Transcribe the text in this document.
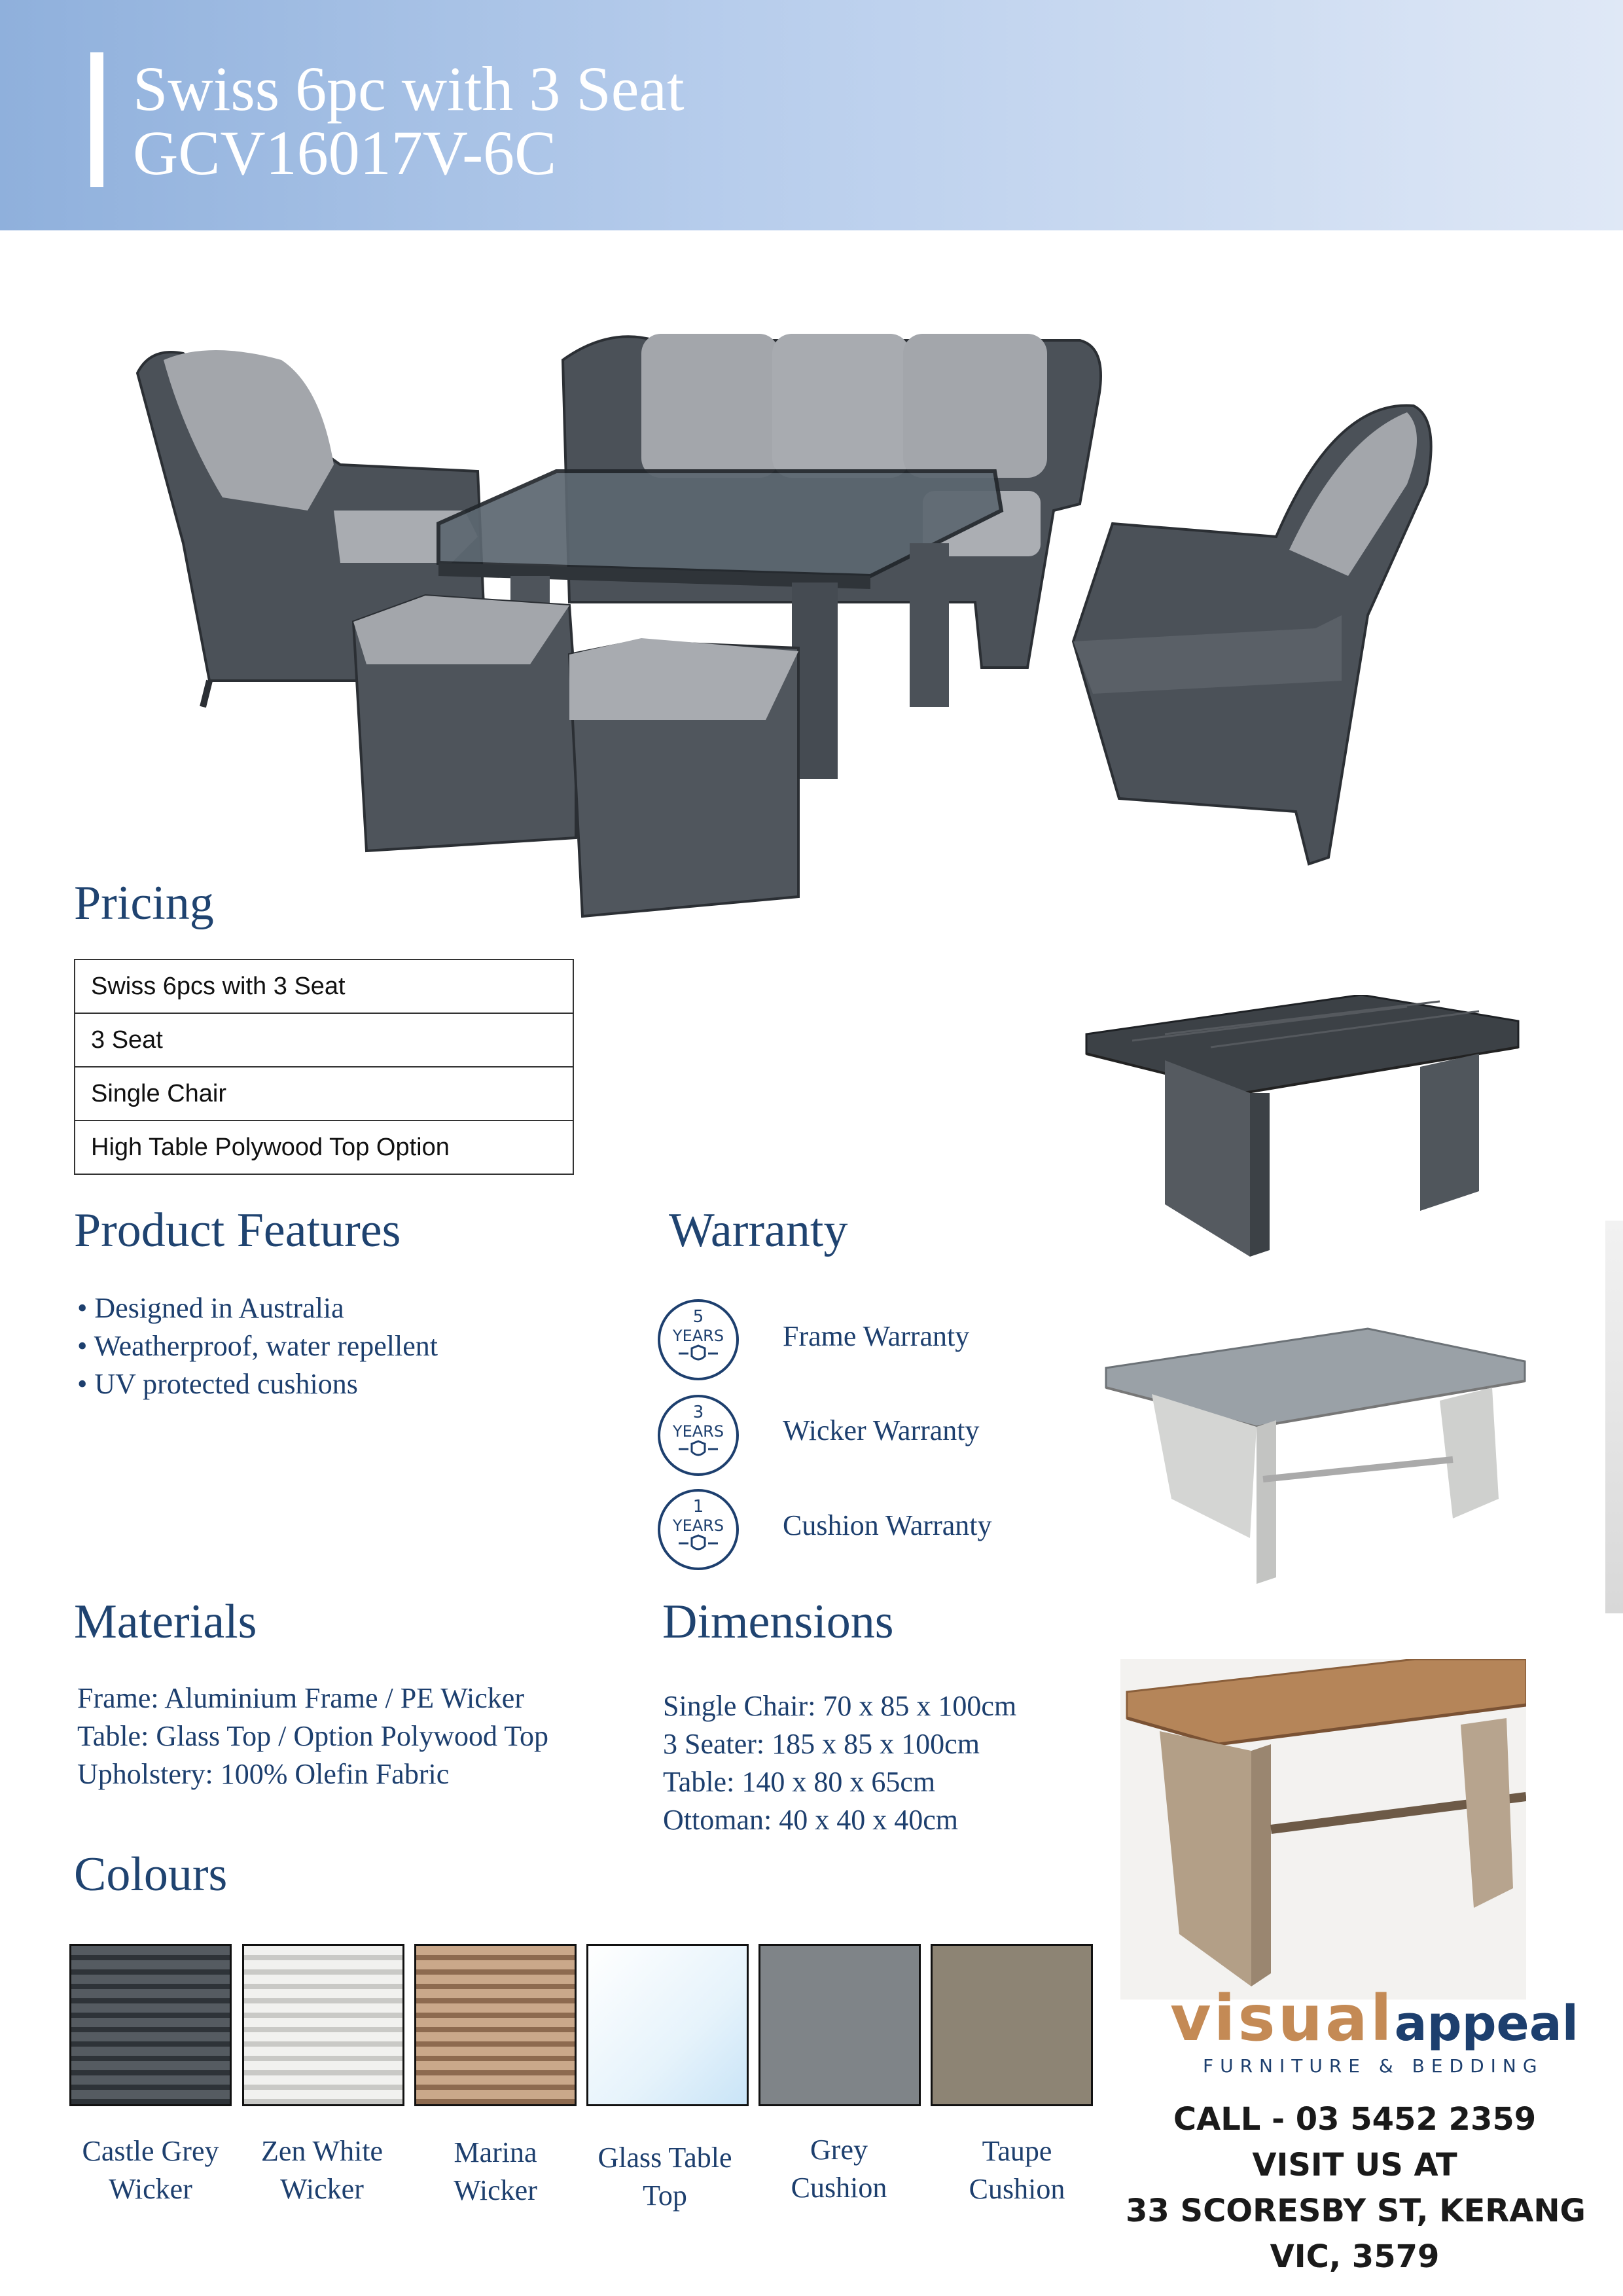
Swiss 6pc with 3 Seat
GCV16017V-6C
Pricing
Swiss 6pcs with 3 Seat
3 Seat
Single Chair
High Table Polywood Top Option
Product Features
• Designed in Australia
• Weatherproof, water repellent
• UV protected cushions
Warranty
5
YEARS Frame Warranty
3
YEARS Wicker Warranty
1
YEARS Cushion Warranty
Materials
Frame: Aluminium Frame / PE Wicker
Table: Glass Top / Option Polywood Top
Upholstery: 100% Olefin Fabric
Dimensions
Single Chair: 70 x 85 x 100cm
3 Seater: 185 x 85 x 100cm
Table: 140 x 80 x 65cm
Ottoman: 40 x 40 x 40cm
Colours
Castle Grey
Wicker
Zen White
Wicker
Marina
Wicker
Glass Table
Top
Grey
Cushion
Taupe
Cushion
visualappeal
FURNITURE & BEDDING
CALL - 03 5452 2359
VISIT US AT
33 SCORESBY ST, KERANG
VIC, 3579
